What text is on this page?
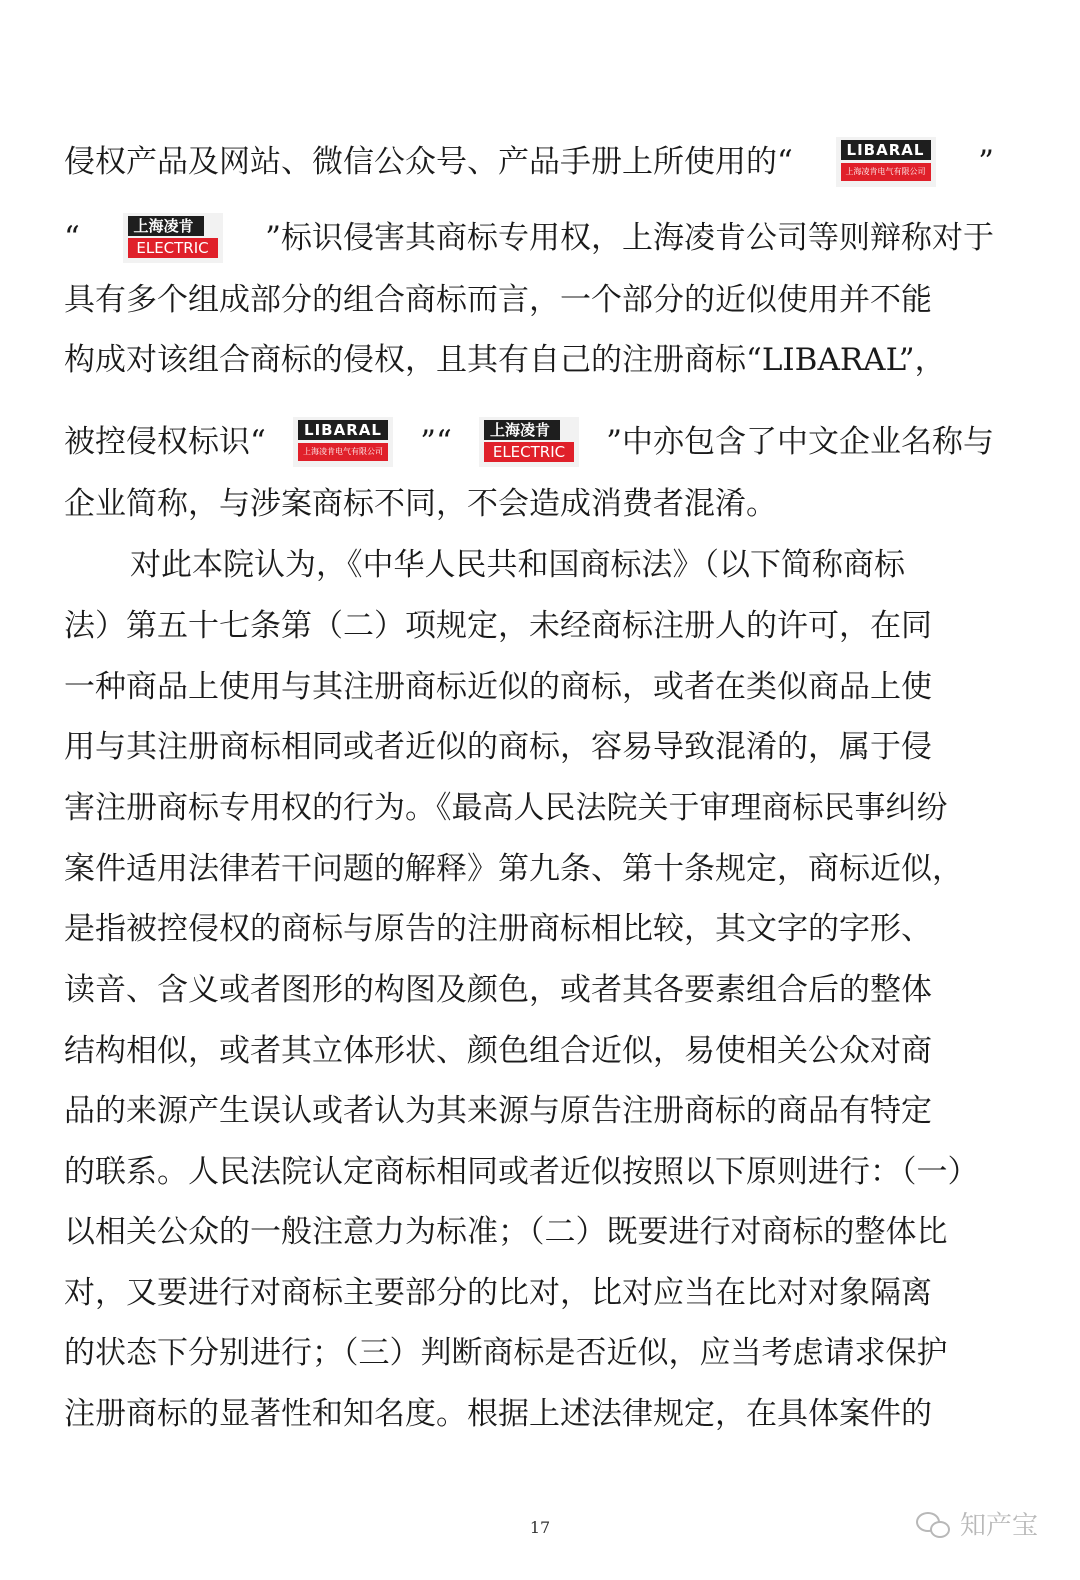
侵权产品及网站、微信公众号、产品手册上所使用的“	LIBARAL
上海凌肯电气有限公司 ”
“	上海凌肯
ELECTRIC ”标识侵害其商标专用权，上海凌肯公司等则辩称对于
具有多个组成部分的组合商标而言，一个部分的近似使用并不能
构成对该组合商标的侵权，且其有自己的注册商标“LIBARAL”，
被控侵权标识“	LIBARAL
上海凌肯电气有限公司 ”“	上海凌肯
ELECTRIC ”中亦包含了中文企业名称与
企业简称，与涉案商标不同，不会造成消费者混淆。
对此本院认为，《中华人民共和国商标法》（以下简称商标
法）第五十七条第（二）项规定，未经商标注册人的许可，在同
一种商品上使用与其注册商标近似的商标，或者在类似商品上使
用与其注册商标相同或者近似的商标，容易导致混淆的，属于侵
害注册商标专用权的行为。《最高人民法院关于审理商标民事纠纷
案件适用法律若干问题的解释》第九条、第十条规定，商标近似，
是指被控侵权的商标与原告的注册商标相比较，其文字的字形、
读音、含义或者图形的构图及颜色，或者其各要素组合后的整体
结构相似，或者其立体形状、颜色组合近似，易使相关公众对商
品的来源产生误认或者认为其来源与原告注册商标的商品有特定
的联系。人民法院认定商标相同或者近似按照以下原则进行：（一）
以相关公众的一般注意力为标准；（二）既要进行对商标的整体比
对，又要进行对商标主要部分的比对，比对应当在比对对象隔离
的状态下分别进行；（三）判断商标是否近似，应当考虑请求保护
注册商标的显著性和知名度。根据上述法律规定，在具体案件的
17	知产宝
